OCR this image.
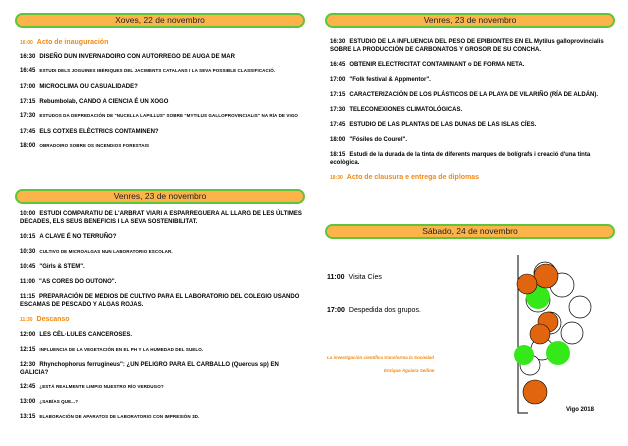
Xoves, 22 de novembro
16:00 Acto de inauguración
16:30 DISEÑO DUN INVERNADOIRO CON AUTORREGO DE AUGA DE MAR
16:45 ESTUDI DELS JOGUINES IBÈRIQUES DEL JACIMENTS CATALANS I LA SEVA POSSIBLE CLASSIFICACIÓ.
17:00 MICROCLIMA OU CASUALIDADE?
17:15 Rebumbolab, CANDO A CIENCIA É UN XOGO
17:30 ESTUDOS DA DEPREDACIÓN DE "NUCELLA LAPILLUS" SOBRE "MYTILUS GALLOPROVINCIALIS" NA RÍA DE VIGO
17:45 ELS COTXES ELÈCTRICS CONTAMINEN?
18:00 OBRADOIRO SOBRE OS INCENDIOS FORESTAIS
Venres, 23 de novembro
10:00 ESTUDI COMPARATIU DE L'ARBRAT VIARI A ESPARREGUERA AL LLARG DE LES ÚLTIMES DECADES, ELS SEUS BENEFICIS I LA SEVA SOSTENIBILITAT.
10:15 A CLAVE É NO TERRUÑO?
10:30 CULTIVO DE MICROALGAS NUN LABORATORIO ESCOLAR.
10:45 "Girls & STEM".
11:00 "AS CORES DO OUTONO".
11:15 PREPARACIÓN DE MEDIOS DE CULTIVO PARA EL LABORATORIO DEL COLEGIO USANDO ESCAMAS DE PESCADO Y ALGAS ROJAS.
11:30 Descanso
12:00 LES CÈL·LULES CANCEROSES.
12:15 INFLUENCIA DE LA VEGETACIÓN EN EL PH Y LA HUMEDAD DEL SUELO.
12:30 Rhynchophorus ferrugineus": ¿UN PELIGRO PARA EL CARBALLO (Quercus sp) EN GALICIA?
12:45 ¿ESTÁ REALMENTE LIMPIO NUESTRO RÍO VERDUGO?
13:00 ¿SABÍAS QUE...?
13:15 ELABORACIÓN DE APARATOS DE LABORATORIO CON IMPRESIÓN 3D.
Venres, 23 de novembro
16:30 ESTUDIO DE LA INFLUENCIA DEL PESO DE EPIBIONTES EN EL Mytilus galloprovincialis SOBRE LA PRODUCCIÓN DE CARBONATOS Y GROSOR DE SU CONCHA.
16:45 OBTENIR ELECTRICITAT CONTAMINANT o DE FORMA NETA.
17:00 "Folk festival & Appmentor".
17:15 CARACTERIZACIÓN DE LOS PLÁSTICOS DE LA PLAYA DE VILARIÑO (RÍA DE ALDÁN).
17:30 TELECONEXIONES CLIMATOLÓGICAS.
17:45 ESTUDIO DE LAS PLANTAS DE LAS DUNAS DE LAS ISLAS CÍES.
18:00 "Fósiles do Courel".
18:15 Estudi de la durada de la tinta de diferents marques de bolígrafs i creació d'una tinta ecològica.
18:30 Acto de clausura e entrega de diplomas
Sábado, 24 de novembro
11:00 Visita Cíes
17:00 Despedida dos grupos.
La investigación científica transforma la Sociedad
Enrique Aguiara Seiline
Vigo 2018
